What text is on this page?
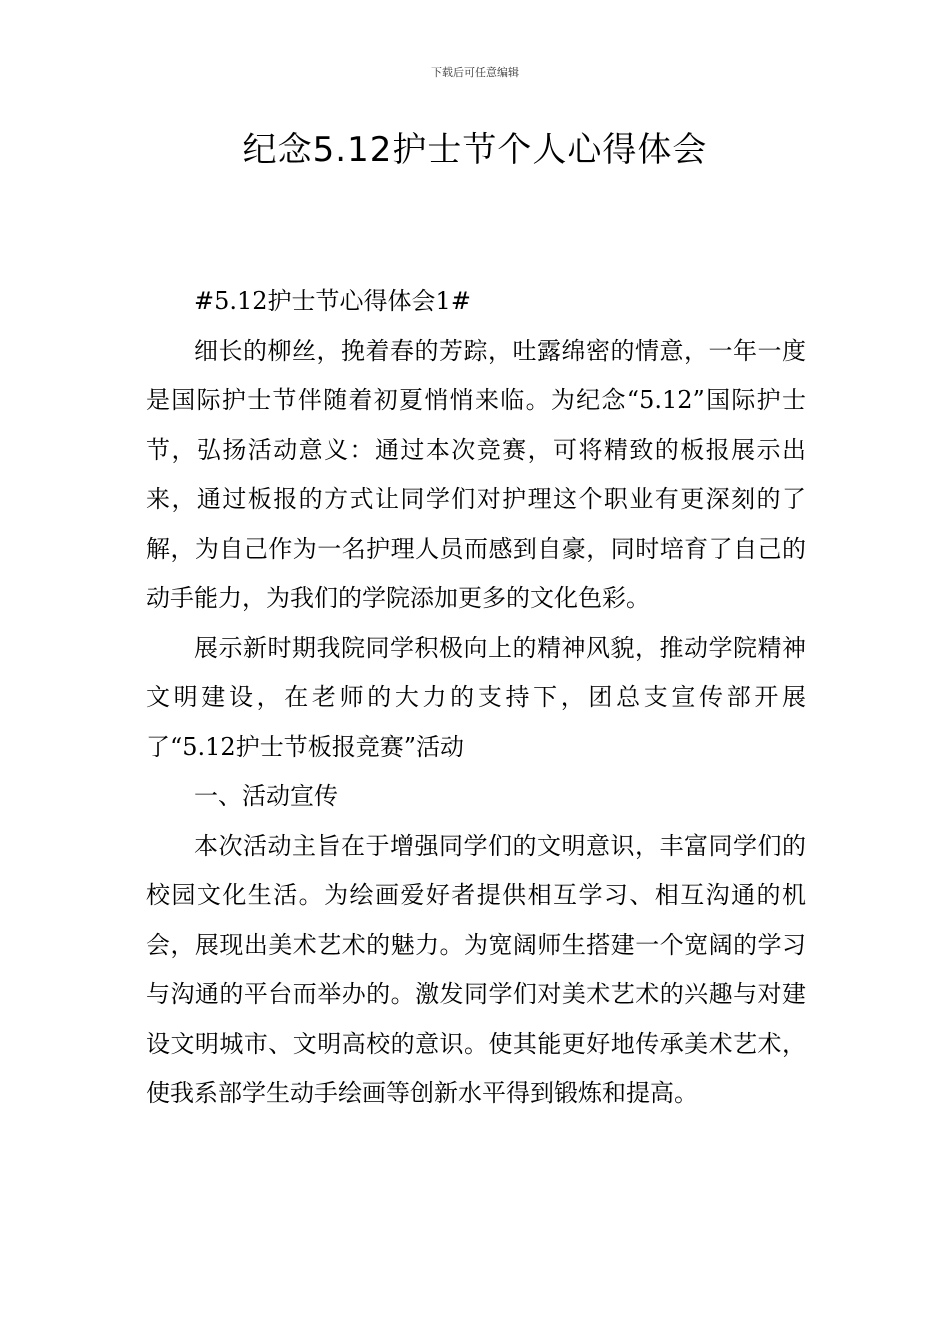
下载后可任意编辑
纪念5.12护士节个人心得体会

#5.12护士节心得体会1#

细长的柳丝，挽着春的芳踪，吐露绵密的情意，一年一度是国际护士节伴随着初夏悄悄来临。为纪念“5.12”国际护士节，弘扬活动意义：通过本次竞赛，可将精致的板报展示出来，通过板报的方式让同学们对护理这个职业有更深刻的了解，为自己作为一名护理人员而感到自豪，同时培育了自己的动手能力，为我们的学院添加更多的文化色彩。

展示新时期我院同学积极向上的精神风貌，推动学院精神文明建设，在老师的大力的支持下，团总支宣传部开展了“5.12护士节板报竞赛”活动

一、活动宣传

本次活动主旨在于增强同学们的文明意识，丰富同学们的校园文化生活。为绘画爱好者提供相互学习、相互沟通的机会，展现出美术艺术的魅力。为宽阔师生搭建一个宽阔的学习与沟通的平台而举办的。激发同学们对美术艺术的兴趣与对建设文明城市、文明高校的意识。使其能更好地传承美术艺术，使我系部学生动手绘画等创新水平得到锻炼和提高。
